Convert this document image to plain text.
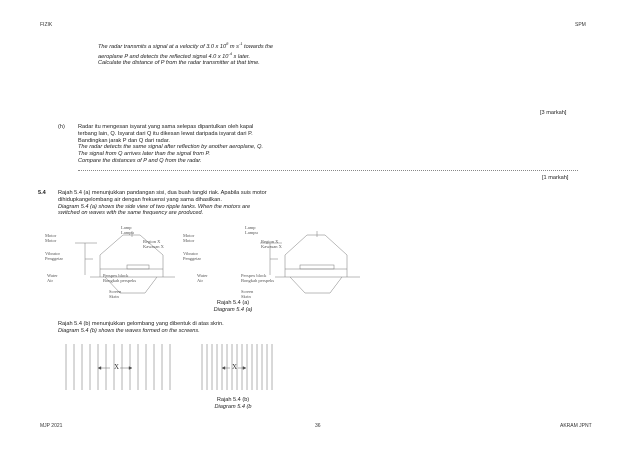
FIZIK	SPM
The radar transmits a signal at a velocity of 3.0 x $10^8$ m $s^{-1}$ towards the
aeroplane P and detects the reflected signal 4.0 x $10^{-4}$ s later.
Calculate the distance of P from the radar transmitter at that time.
[3 markah]
(h) Radar itu mengesan isyarat yang sama selepas dipantulkan oleh kapal
terbang lain, Q. Isyarat dari Q itu dikesan lewat daripada isyarat dari P.
Bandingkan jarak P dan Q dari radar.
The radar detects the same signal after reflection by another aeroplane, Q.
The signal from Q arrives later than the signal from P.
Compare the distances of P and Q from the radar.
[1 markah]
5.4 Rajah 5.4 (a) menunjukkan pandangan sisi, dua buah tangki riak. Apabila suis motor
dihidupkangelombang air dengan frekuensi yang sama dihasilkan.
Diagram 5.4 (a) shows the side view of two ripple tanks. When the motors are
switched on waves with the same frequency are produced.
Lamp
Lampu
Motor
Motor	Region X
Kawasan X
Vibrator
Penggetar
Water
Air
Perspex block
Bongkah perspeks
Screen
Skrin
Lamp
Lampu
Motor
Motor	Region X
Kawasan X
Vibrator
Penggetar
Water
Air
Perspex block
Bongkah perspeks
Screen
Skrin
Rajah 5.4 (a)
Diagram 5.4 (a)
Rajah 5.4 (b) menunjukkan gelombang yang dibentuk di atas skrin.
Diagram 5.4 (b) shows the waves formed on the screens.
X	X
Rajah 5.4 (b)
Diagram 5.4 (b
MJP 2021	36	AKRAM JPNT
